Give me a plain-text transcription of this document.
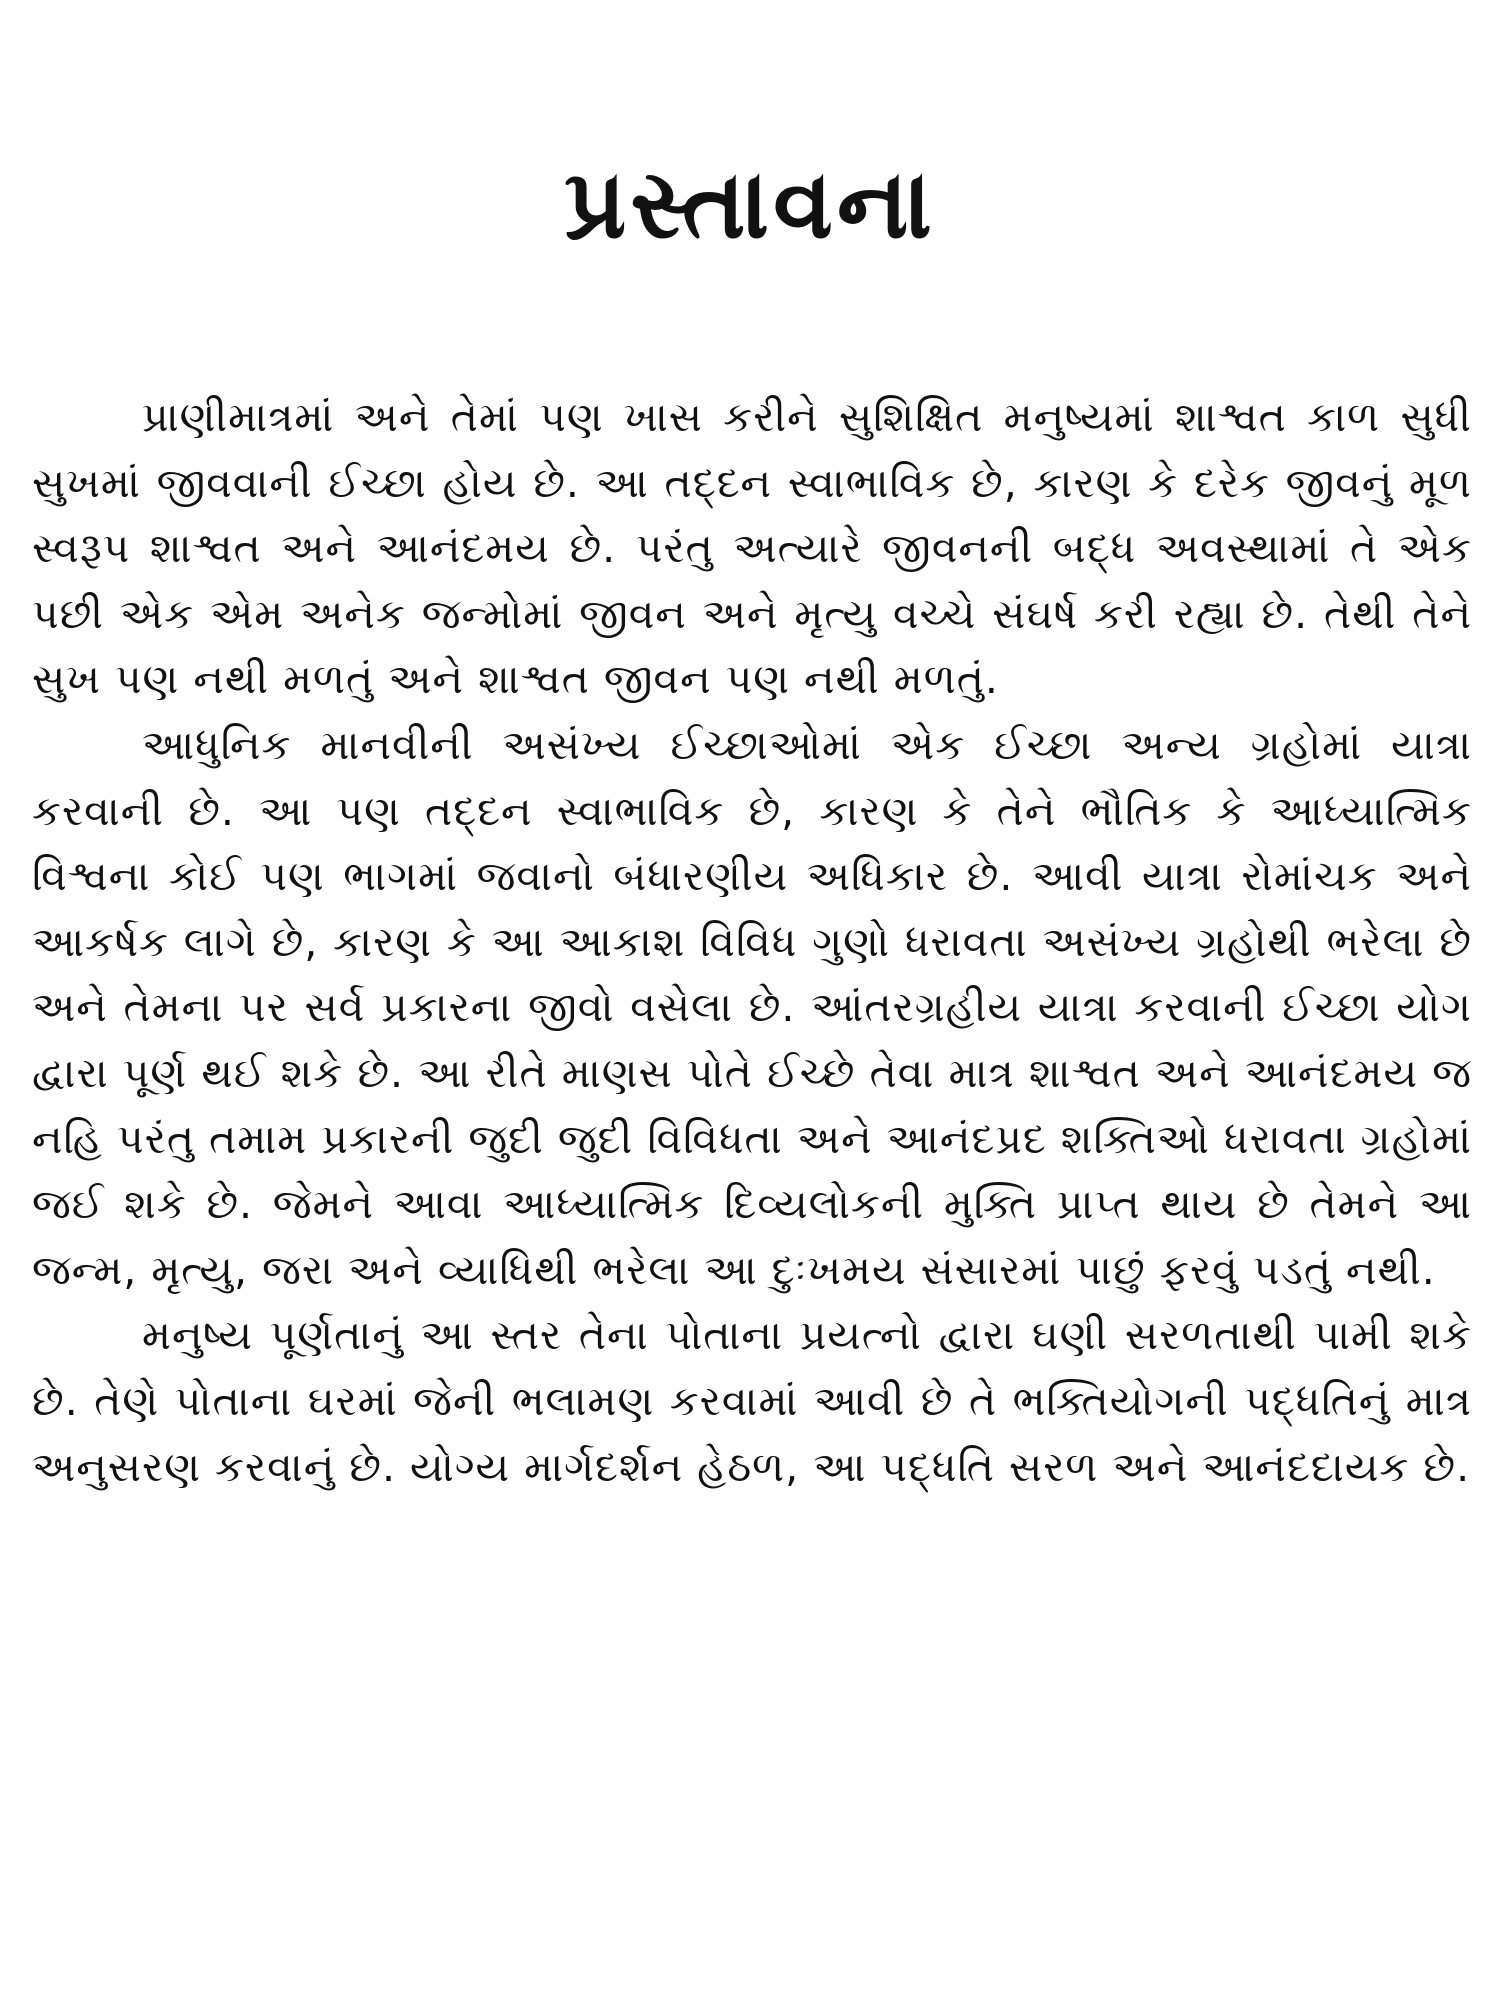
પ્રસ્તાવના

પ્રાણીમાત્રમાં અને તેમાં પણ ખાસ કરીને સુશિક્ષિત મનુષ્યમાં શાશ્વત કાળ સુધી સુખમાં જીવવાની ઈચ્છા હોય છે. આ તદ્દન સ્વાભાવિક છે, કારણ કે દરેક જીવનું મૂળ સ્વરૂપ શાશ્વત અને આનંદમય છે. પરંતુ અત્યારે જીવનની બદ્ધ અવસ્થામાં તે એક પછી એક એમ અનેક જન્મોમાં જીવન અને મૃત્યુ વચ્ચે સંઘર્ષ કરી રહ્યા છે. તેથી તેને સુખ પણ નથી મળતું અને શાશ્વત જીવન પણ નથી મળતું.

આધુનિક માનવીની અસંખ્ય ઈચ્છાઓમાં એક ઈચ્છા અન્ય ગ્રહોમાં યાત્રા કરવાની છે. આ પણ તદ્દન સ્વાભાવિક છે, કારણ કે તેને ભૌતિક કે આધ્યાત્મિક વિશ્વના કોઈ પણ ભાગમાં જવાનો બંધારણીય અધિકાર છે. આવી યાત્રા રોમાંચક અને આકર્ષક લાગે છે, કારણ કે આ આકાશ વિવિધ ગુણો ધરાવતા અસંખ્ય ગ્રહોથી ભરેલા છે અને તેમના પર સર્વ પ્રકારના જીવો વસેલા છે. આંતરગ્રહીય યાત્રા કરવાની ઈચ્છા યોગ દ્વારા પૂર્ણ થઈ શકે છે. આ રીતે માણસ પોતે ઈચ્છે તેવા માત્ર શાશ્વત અને આનંદમય જ નહિ પરંતુ તમામ પ્રકારની જુદી જુદી વિવિધતા અને આનંદપ્રદ શક્તિઓ ધરાવતા ગ્રહોમાં જઈ શકે છે. જેમને આવા આધ્યાત્મિક દિવ્યલોકની મુક્તિ પ્રાપ્ત થાય છે તેમને આ જન્મ, મૃત્યુ, જરા અને વ્યાધિથી ભરેલા આ દુઃખમય સંસારમાં પાછું ફરવું પડતું નથી.

મનુષ્ય પૂર્ણતાનું આ સ્તર તેના પોતાના પ્રયત્નો દ્વારા ઘણી સરળતાથી પામી શકે છે. તેણે પોતાના ઘરમાં જેની ભલામણ કરવામાં આવી છે તે ભક્તિયોગની પદ્ધતિનું માત્ર અનુસરણ કરવાનું છે. યોગ્ય માર્ગદર્શન હેઠળ, આ પદ્ધતિ સરળ અને આનંદદાયક છે.
